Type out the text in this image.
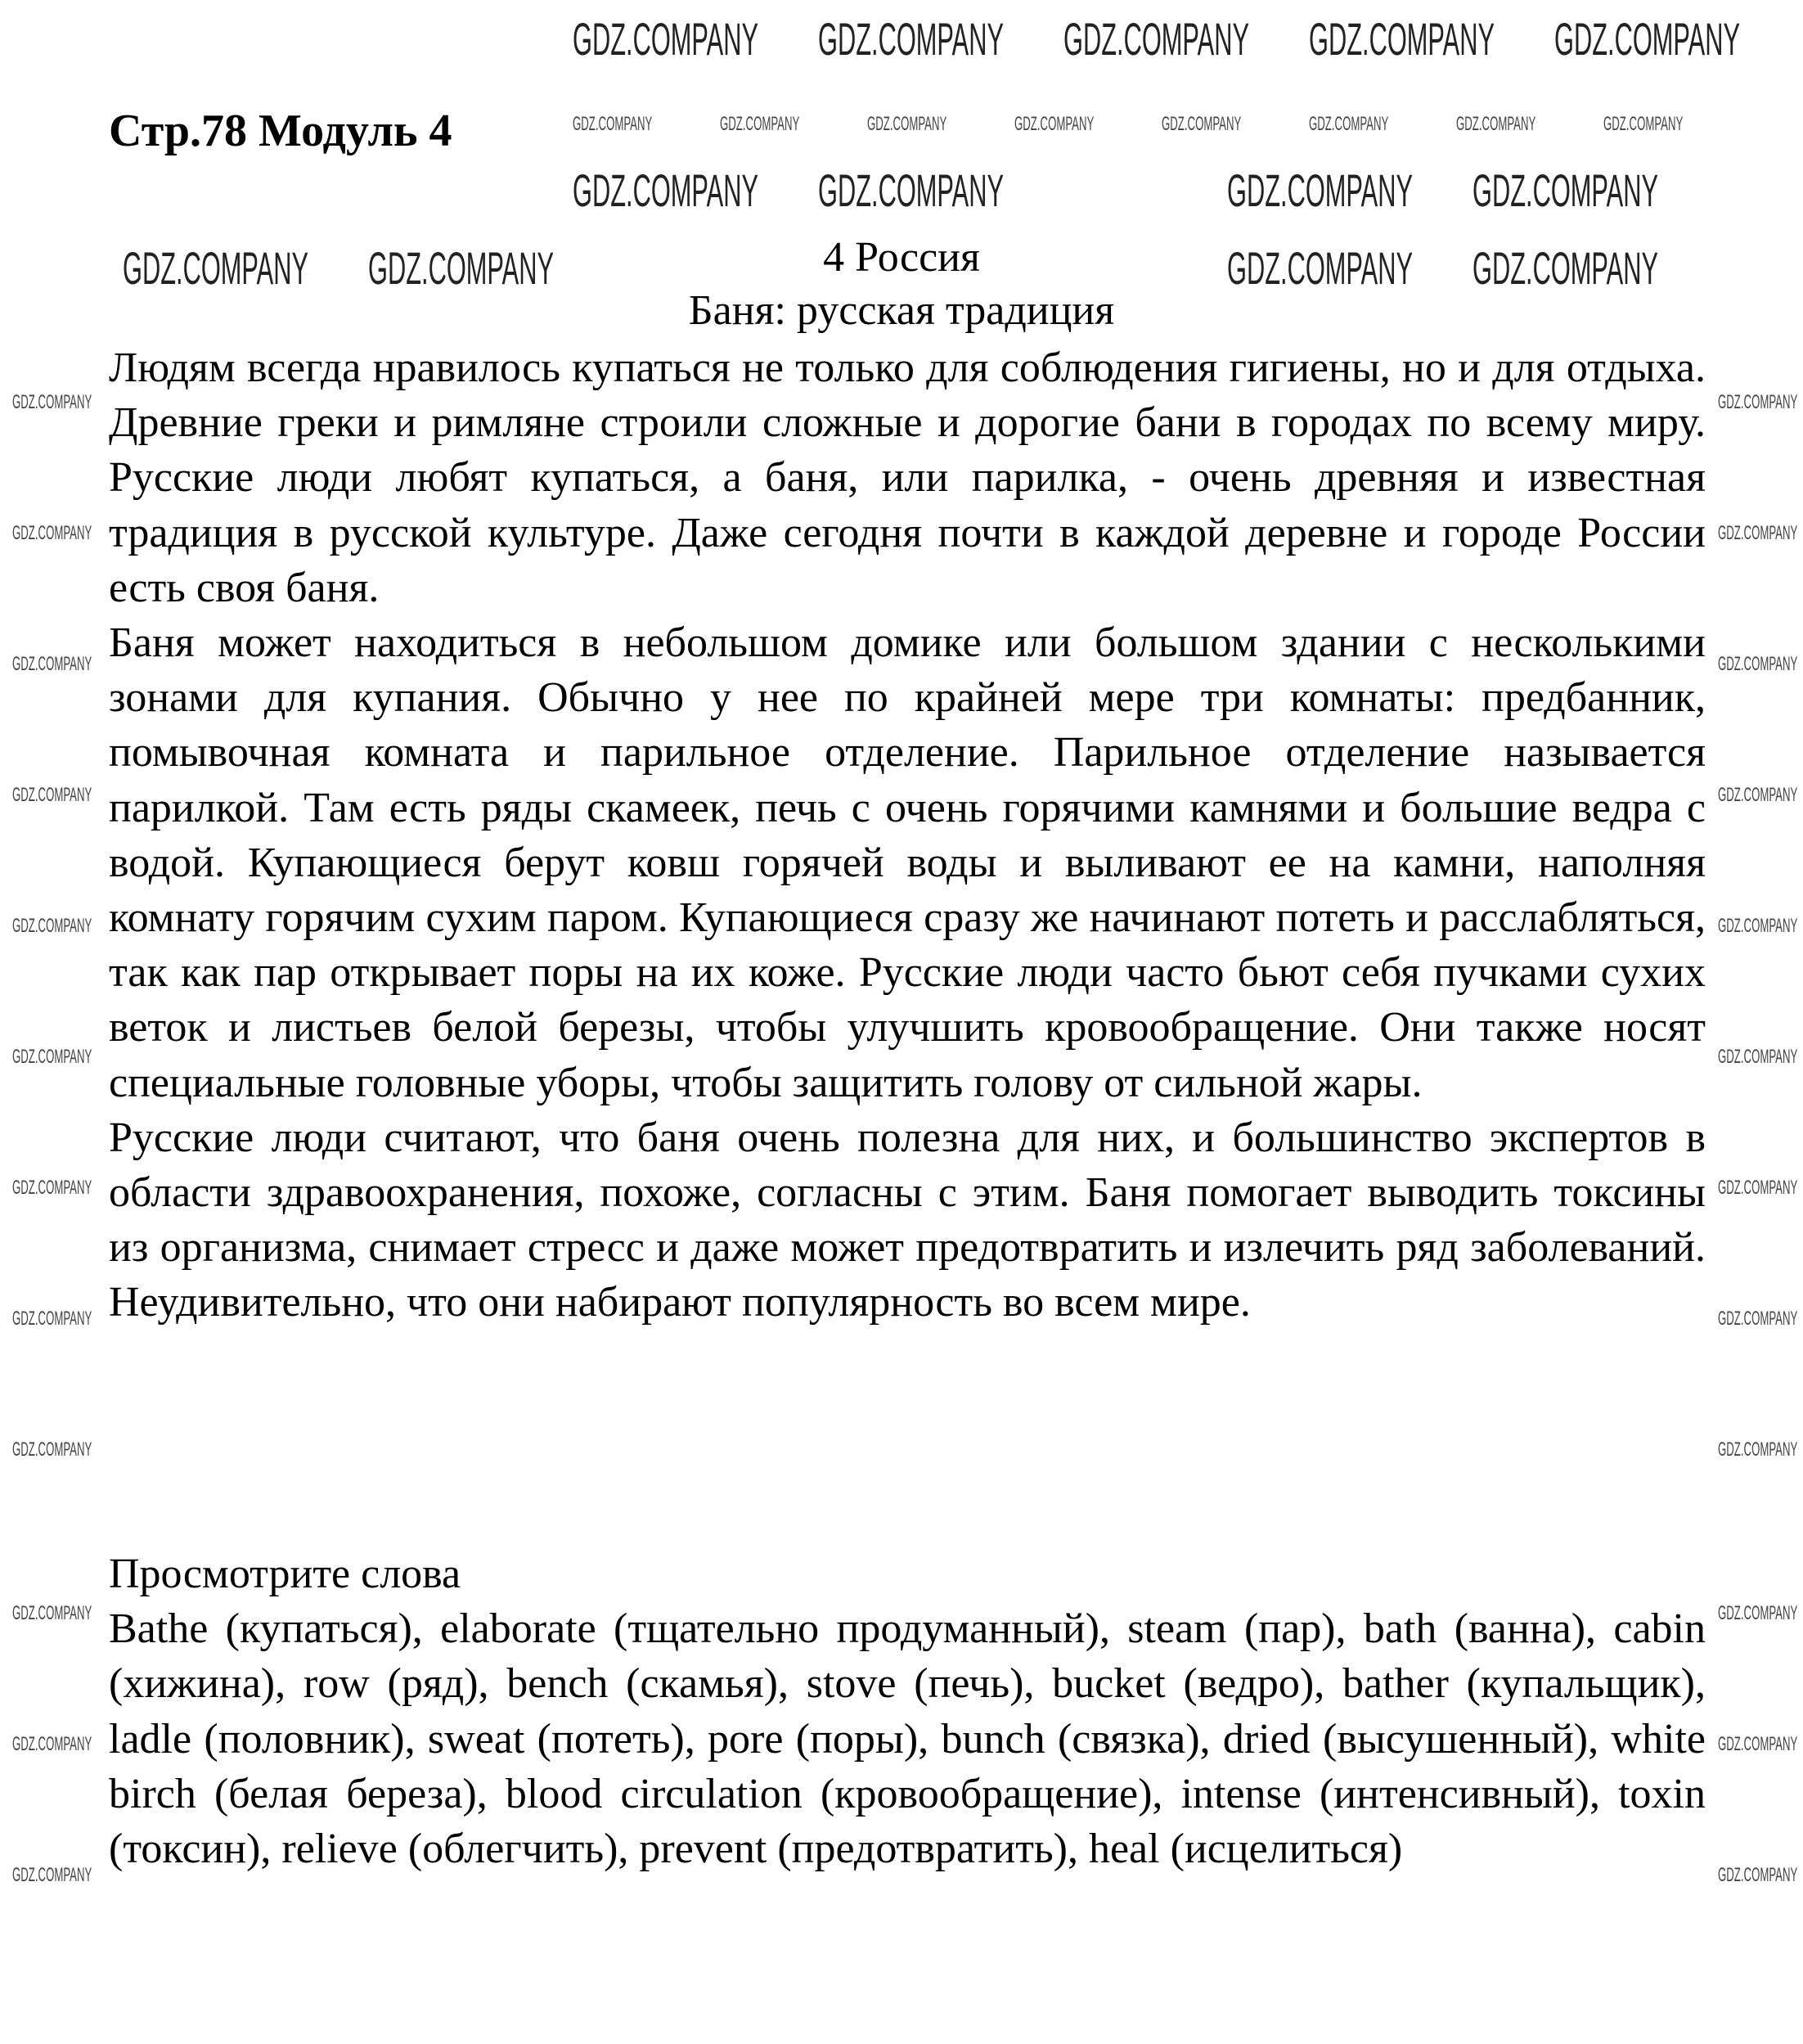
Стр.78 Модуль 4
4 Россия
Баня: русская традиция

Людям всегда нравилось купаться не только для соблюдения гигиены, но и для отдыха. Древние греки и римляне строили сложные и дорогие бани в городах по всему миру. Русские люди любят купаться, а баня, или парилка, - очень древняя и известная традиция в русской культуре. Даже сегодня почти в каждой деревне и городе России есть своя баня.

Баня может находиться в небольшом домике или большом здании с несколькими зонами для купания. Обычно у нее по крайней мере три комнаты: предбанник, помывочная комната и парильное отделение. Парильное отделение называется парилкой. Там есть ряды скамеек, печь с очень горячими камнями и большие ведра с водой. Купающиеся берут ковш горячей воды и выливают ее на камни, наполняя комнату горячим сухим паром. Купающиеся сразу же начинают потеть и расслабляться, так как пар открывает поры на их коже. Русские люди часто бьют себя пучками сухих веток и листьев белой березы, чтобы улучшить кровообращение. Они также носят специальные головные уборы, чтобы защитить голову от сильной жары.

Русские люди считают, что баня очень полезна для них, и большинство экспертов в области здравоохранения, похоже, согласны с этим. Баня помогает выводить токсины из организма, снимает стресс и даже может предотвратить и излечить ряд заболеваний. Неудивительно, что они набирают популярность во всем мире.

Просмотрите слова

Bathe (купаться), elaborate (тщательно продуманный), steam (пар), bath (ванна), cabin (хижина), row (ряд), bench (скамья), stove (печь), bucket (ведро), bather (купальщик), ladle (половник), sweat (потеть), pore (поры), bunch (связка), dried (высушенный), white birch (белая береза), blood circulation (кровообращение), intense (интенсивный), toxin (токсин), relieve (облегчить), prevent (предотвратить), heal (исцелиться)

GDZ.COMPANY GDZ.COMPANY GDZ.COMPANY GDZ.COMPANY GDZ.COMPANY
GDZ.COMPANY GDZ.COMPANY	GDZ.COMPANY GDZ.COMPANY
GDZ.COMPANY GDZ.COMPANY	GDZ.COMPANY GDZ.COMPANY
GDZ.COMPANY	GDZ.COMPANY	GDZ.COMPANY	GDZ.COMPANY	GDZ.COMPANY	GDZ.COMPANY	GDZ.COMPANY	GDZ.COMPANY
GDZ.COMPANY
GDZ.COMPANY
GDZ.COMPANY
GDZ.COMPANY
GDZ.COMPANY
GDZ.COMPANY
GDZ.COMPANY
GDZ.COMPANY
GDZ.COMPANY
GDZ.COMPANY
GDZ.COMPANY
GDZ.COMPANY
GDZ.COMPANY
GDZ.COMPANY
GDZ.COMPANY
GDZ.COMPANY
GDZ.COMPANY
GDZ.COMPANY
GDZ.COMPANY
GDZ.COMPANY
GDZ.COMPANY
GDZ.COMPANY
GDZ.COMPANY
GDZ.COMPANY
